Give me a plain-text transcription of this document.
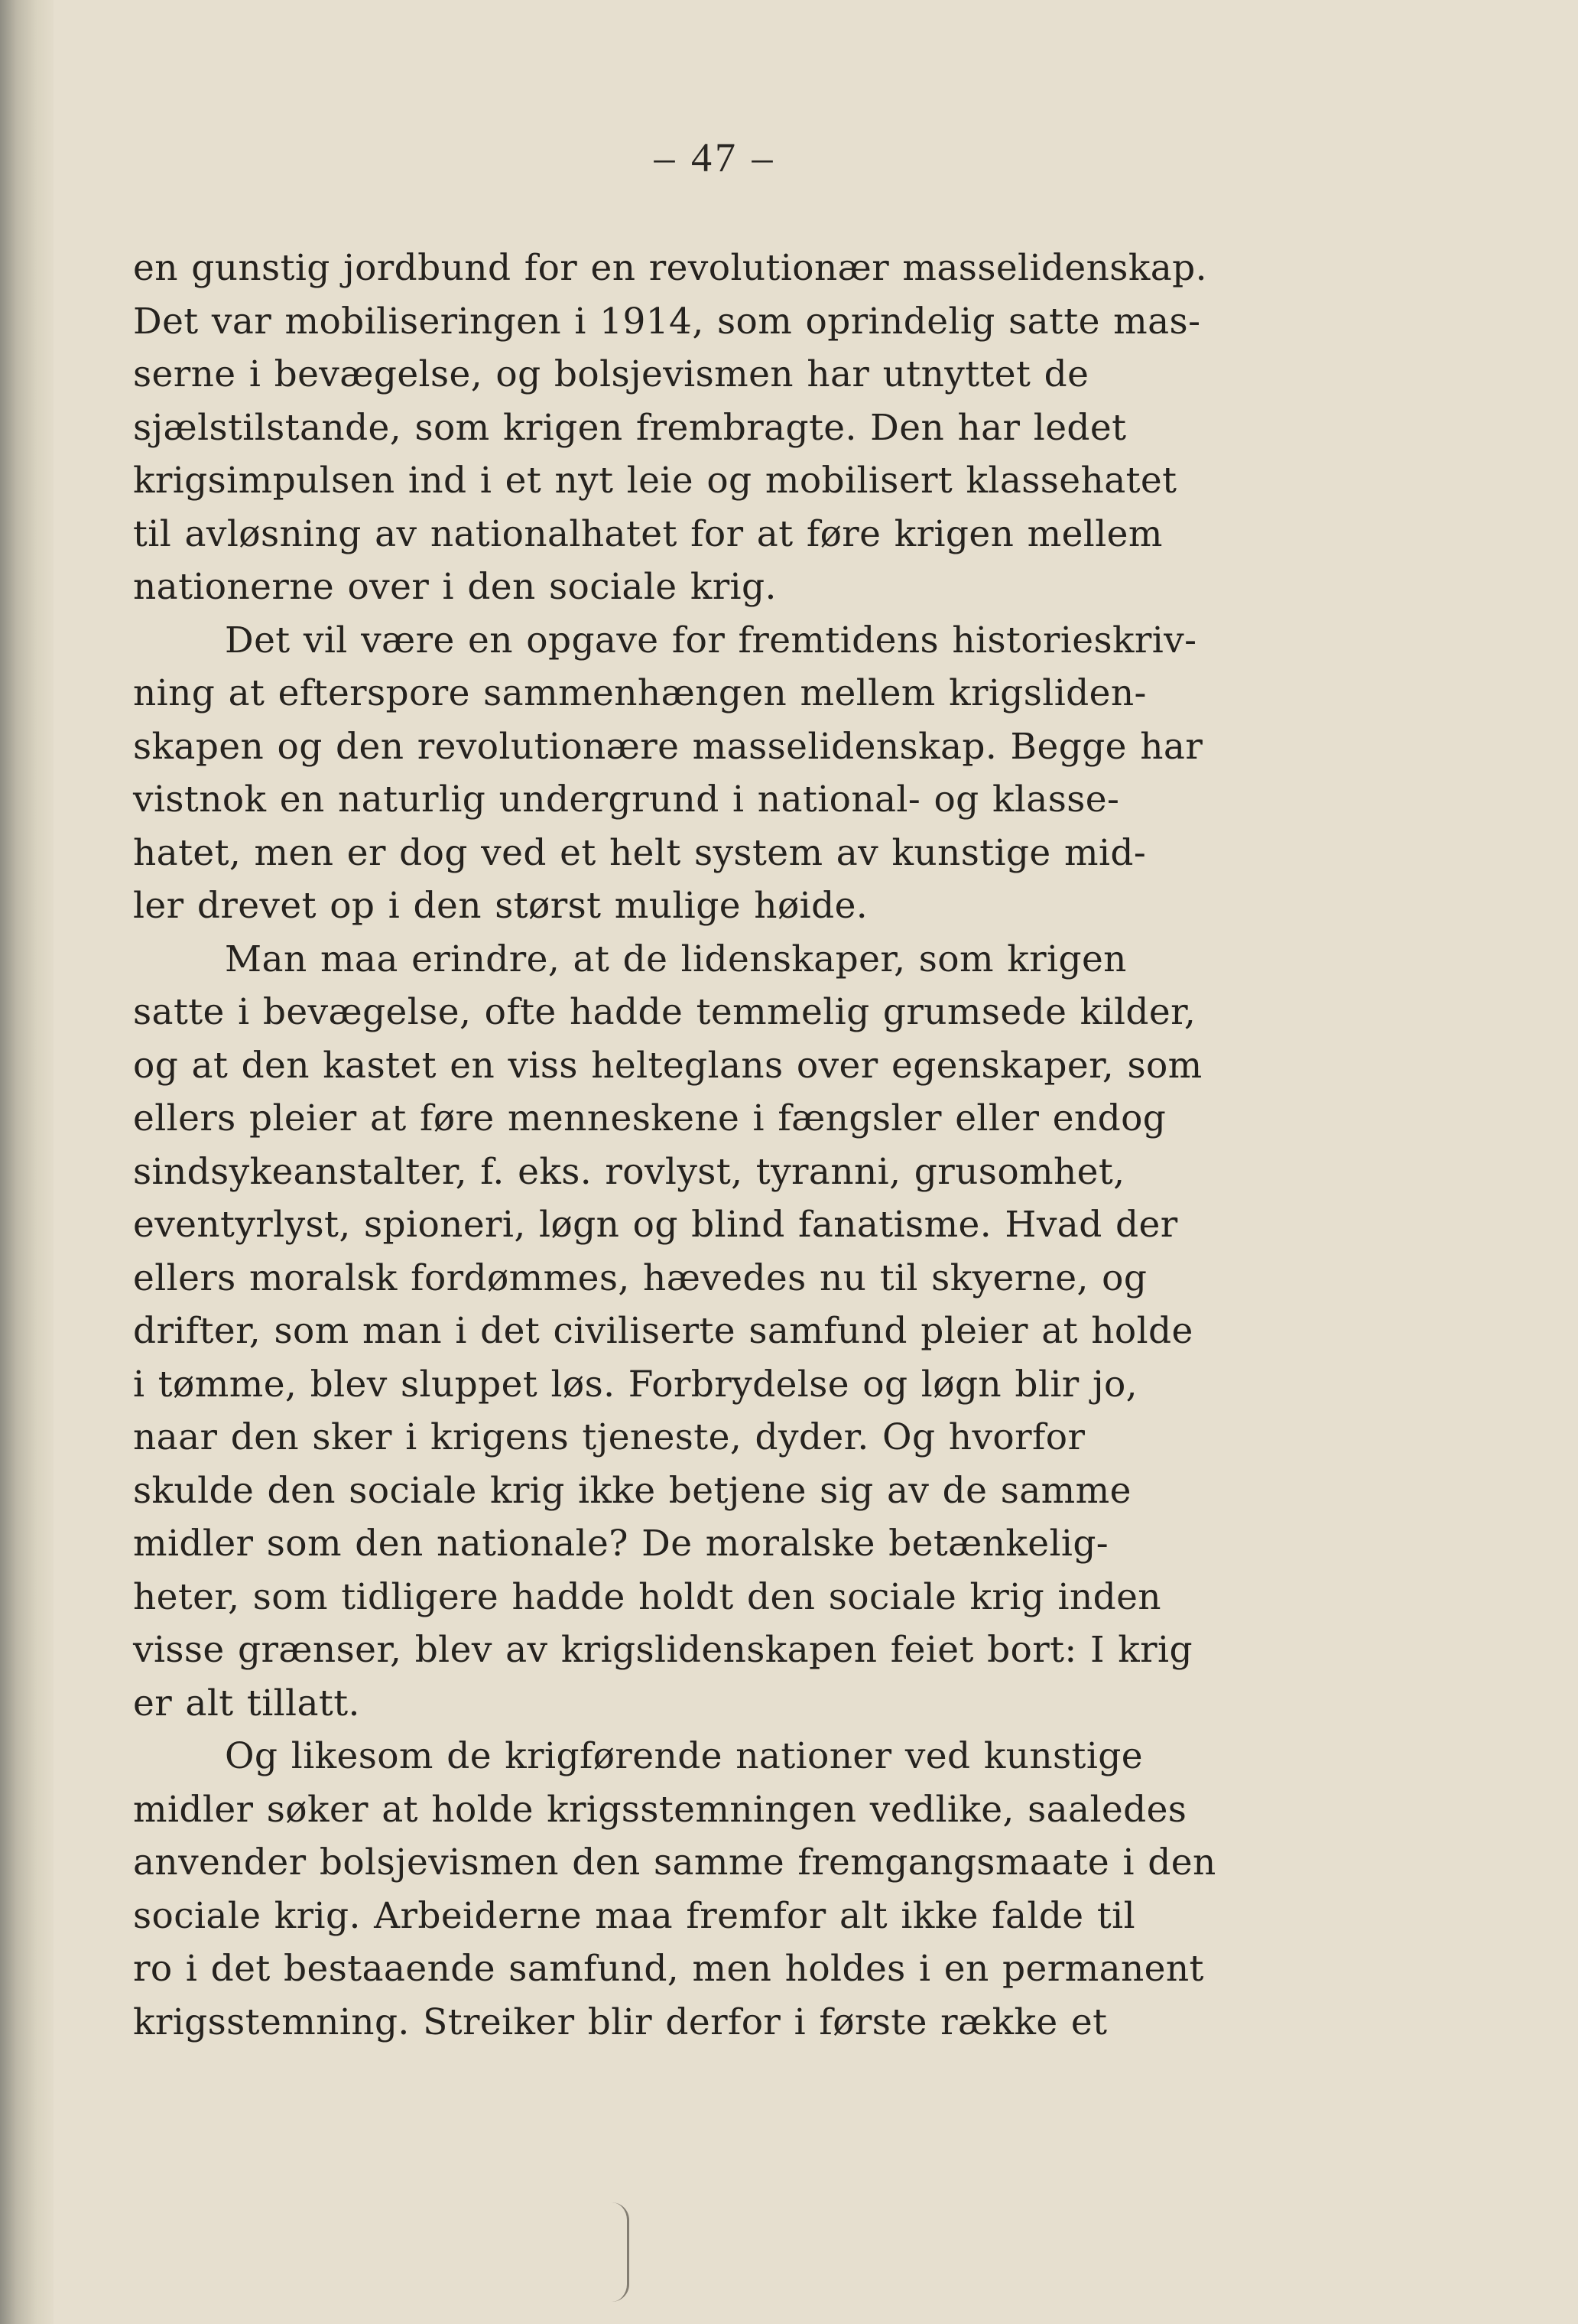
– 47 –
en gunstig jordbund for en revolutionær masselidenskap.
Det var mobiliseringen i 1914, som oprindelig satte mas-
serne i bevægelse, og bolsjevismen har utnyttet de
sjælstilstande, som krigen frembragte. Den har ledet
krigsimpulsen ind i et nyt leie og mobilisert klassehatet
til avløsning av nationalhatet for at føre krigen mellem
nationerne over i den sociale krig.
Det vil være en opgave for fremtidens historieskriv-
ning at efterspore sammenhængen mellem krigsliden-
skapen og den revolutionære masselidenskap. Begge har
vistnok en naturlig undergrund i national- og klasse-
hatet, men er dog ved et helt system av kunstige mid-
ler drevet op i den størst mulige høide.
Man maa erindre, at de lidenskaper, som krigen
satte i bevægelse, ofte hadde temmelig grumsede kilder,
og at den kastet en viss helteglans over egenskaper, som
ellers pleier at føre menneskene i fængsler eller endog
sindsykeanstalter, f. eks. rovlyst, tyranni, grusomhet,
eventyrlyst, spioneri, løgn og blind fanatisme. Hvad der
ellers moralsk fordømmes, hævedes nu til skyerne, og
drifter, som man i det civiliserte samfund pleier at holde
i tømme, blev sluppet løs. Forbrydelse og løgn blir jo,
naar den sker i krigens tjeneste, dyder. Og hvorfor
skulde den sociale krig ikke betjene sig av de samme
midler som den nationale? De moralske betænkelig-
heter, som tidligere hadde holdt den sociale krig inden
visse grænser, blev av krigslidenskapen feiet bort: I krig
er alt tillatt.
Og likesom de krigførende nationer ved kunstige
midler søker at holde krigsstemningen vedlike, saaledes
anvender bolsjevismen den samme fremgangsmaate i den
sociale krig. Arbeiderne maa fremfor alt ikke falde til
ro i det bestaaende samfund, men holdes i en permanent
krigsstemning. Streiker blir derfor i første række et
